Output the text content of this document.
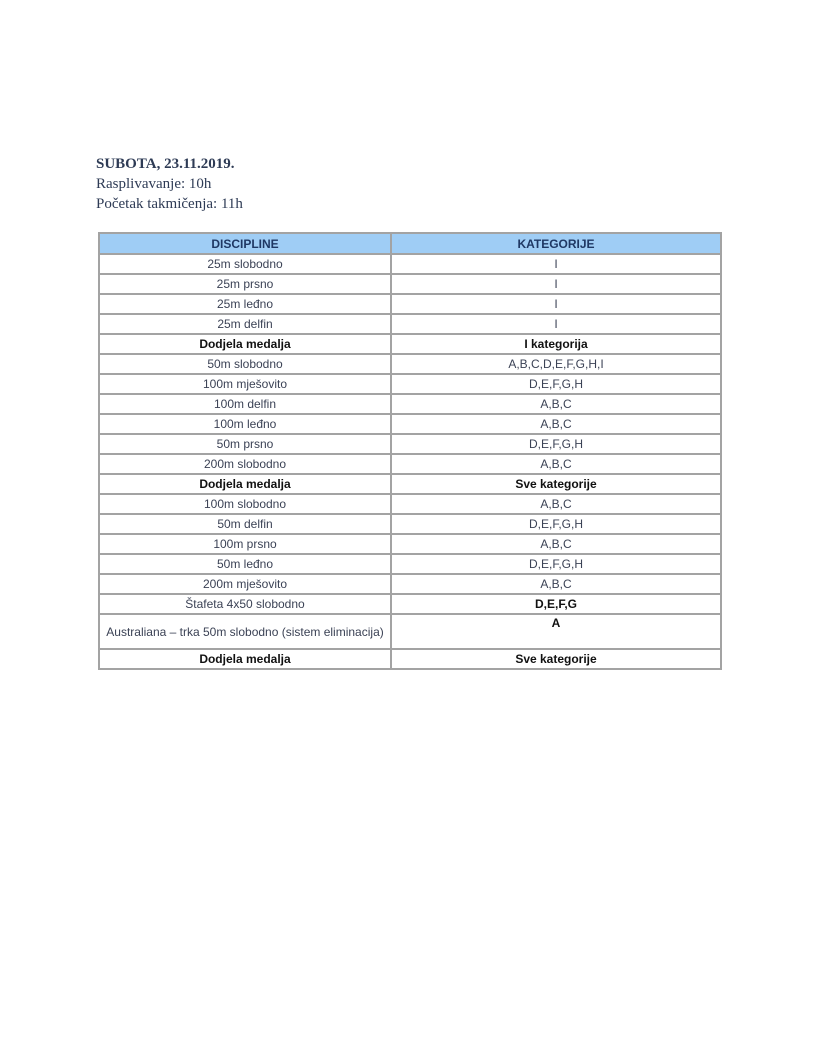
SUBOTA, 23.11.2019.
Rasplivavanje: 10h
Početak takmičenja: 11h
DISCIPLINE	KATEGORIJE
25m slobodno	I
25m prsno	I
25m leđno	I
25m delfin	I
Dodjela medalja	I kategorija
50m slobodno	A,B,C,D,E,F,G,H,I
100m mješovito	D,E,F,G,H
100m delfin	A,B,C
100m leđno	A,B,C
50m prsno	D,E,F,G,H
200m slobodno	A,B,C
Dodjela medalja	Sve kategorije
100m slobodno	A,B,C
50m delfin	D,E,F,G,H
100m prsno	A,B,C
50m leđno	D,E,F,G,H
200m mješovito	A,B,C
Štafeta 4x50 slobodno	D,E,F,G
Australiana – trka 50m slobodno (sistem eliminacija)	A
Dodjela medalja	Sve kategorije
